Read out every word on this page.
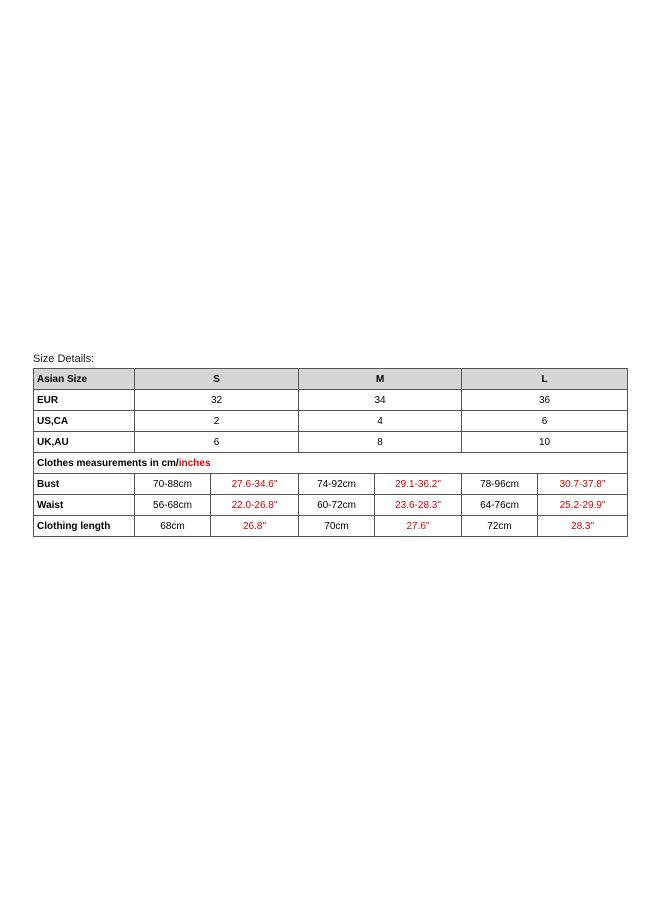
Size Details:
Asian Size	S		M		L	
EUR	32		34		36	
US,CA	2		4		6	
UK,AU	6		8		10	
Clothes measurements in cm/inches						
Bust	70-88cm	27.6-34.6"	74-92cm	29.1-36.2"	78-96cm	30.7-37.8"
Waist	56-68cm	22.0-26.8"	60-72cm	23.6-28.3"	64-76cm	25.2-29.9"
Clothing length	68cm	26.8"	70cm	27.6"	72cm	28.3"
